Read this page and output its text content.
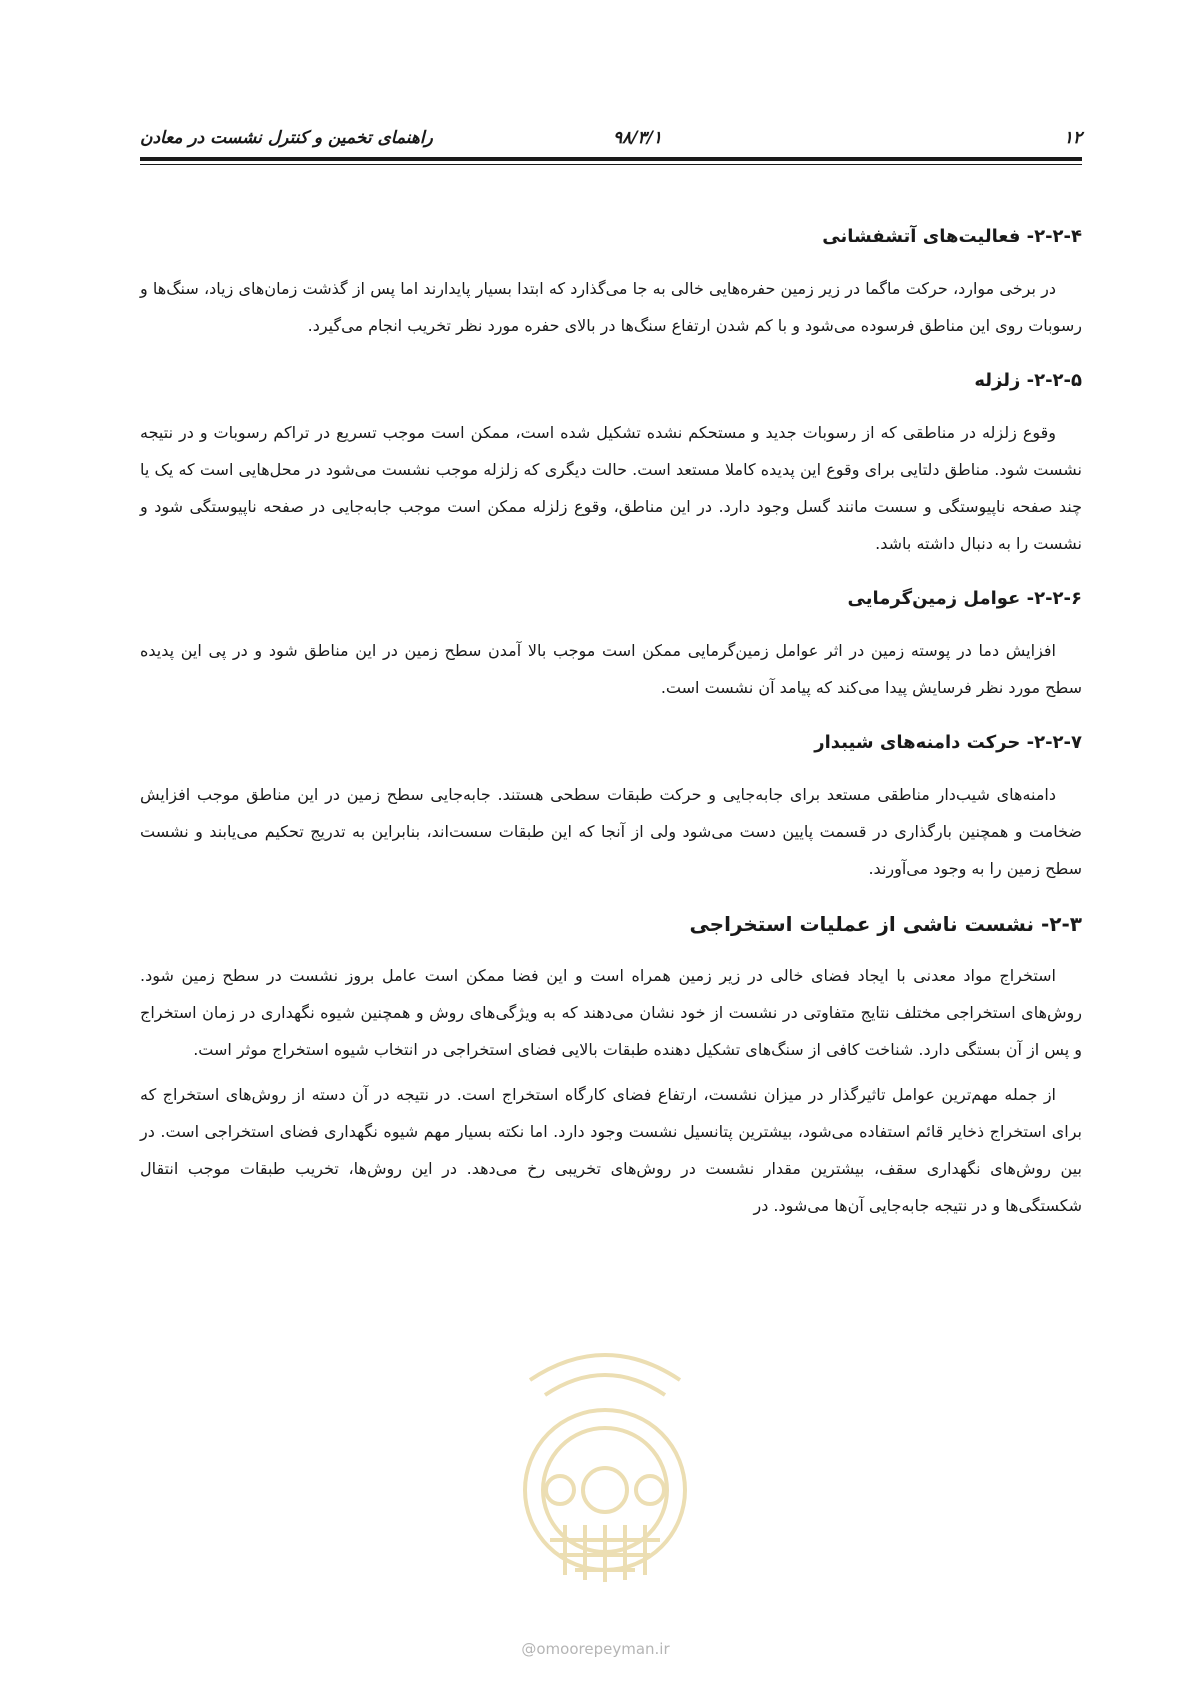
۱۲
۹۸/۳/۱
راهنمای تخمین و کنترل نشست در معادن
۲-۲-۴- فعالیت‌های آتشفشانی

در برخی موارد، حرکت ماگما در زیر زمین حفره‌هایی خالی به جا می‌گذارد که ابتدا بسیار پایدارند اما پس از گذشت زمان‌های زیاد، سنگ‌ها و رسوبات روی این مناطق فرسوده می‌شود و با کم شدن ارتفاع سنگ‌ها در بالای حفره مورد نظر تخریب انجام می‌گیرد.

۲-۲-۵- زلزله

وقوع زلزله در مناطقی که از رسوبات جدید و مستحکم نشده تشکیل شده است، ممکن است موجب تسریع در تراکم رسوبات و در نتیجه نشست شود. مناطق دلتایی برای وقوع این پدیده کاملا مستعد است. حالت دیگری که زلزله موجب نشست می‌شود در محل‌هایی است که یک یا چند صفحه ناپیوستگی و سست مانند گسل وجود دارد. در این مناطق، وقوع زلزله ممکن است موجب جابه‌جایی در صفحه ناپیوستگی شود و نشست را به دنبال داشته باشد.

۲-۲-۶- عوامل زمین‌گرمایی

افزایش دما در پوسته زمین در اثر عوامل زمین‌گرمایی ممکن است موجب بالا آمدن سطح زمین در این مناطق شود و در پی این پدیده سطح مورد نظر فرسایش پیدا می‌کند که پیامد آن نشست است.

۲-۲-۷- حرکت دامنه‌های شیبدار

دامنه‌های شیب‌دار مناطقی مستعد برای جابه‌جایی و حرکت طبقات سطحی هستند. جابه‌جایی سطح زمین در این مناطق موجب افزایش ضخامت و همچنین بارگذاری در قسمت پایین دست می‌شود ولی از آنجا که این طبقات سست‌اند، بنابراین به تدریج تحکیم می‌یابند و نشست سطح زمین را به وجود می‌آورند.

۲-۳- نشست ناشی از عملیات استخراجی

استخراج مواد معدنی با ایجاد فضای خالی در زیر زمین همراه است و این فضا ممکن است عامل بروز نشست در سطح زمین شود. روش‌های استخراجی مختلف نتایج متفاوتی در نشست از خود نشان می‌دهند که به ویژگی‌های روش و همچنین شیوه نگهداری در زمان استخراج و پس از آن بستگی دارد. شناخت کافی از سنگ‌های تشکیل دهنده طبقات بالایی فضای استخراجی در انتخاب شیوه استخراج موثر است.

از جمله مهم‌ترین عوامل تاثیرگذار در میزان نشست، ارتفاع فضای کارگاه استخراج است. در نتیجه در آن دسته از روش‌های استخراج که برای استخراج ذخایر قائم استفاده می‌شود، بیشترین پتانسیل نشست وجود دارد. اما نکته بسیار مهم شیوه نگهداری فضای استخراجی است. در بین روش‌های نگهداری سقف، بیشترین مقدار نشست در روش‌های تخریبی رخ می‌دهد. در این روش‌ها، تخریب طبقات موجب انتقال شکستگی‌ها و در نتیجه جابه‌جایی آن‌ها می‌شود. در

@omoorepeyman.ir
